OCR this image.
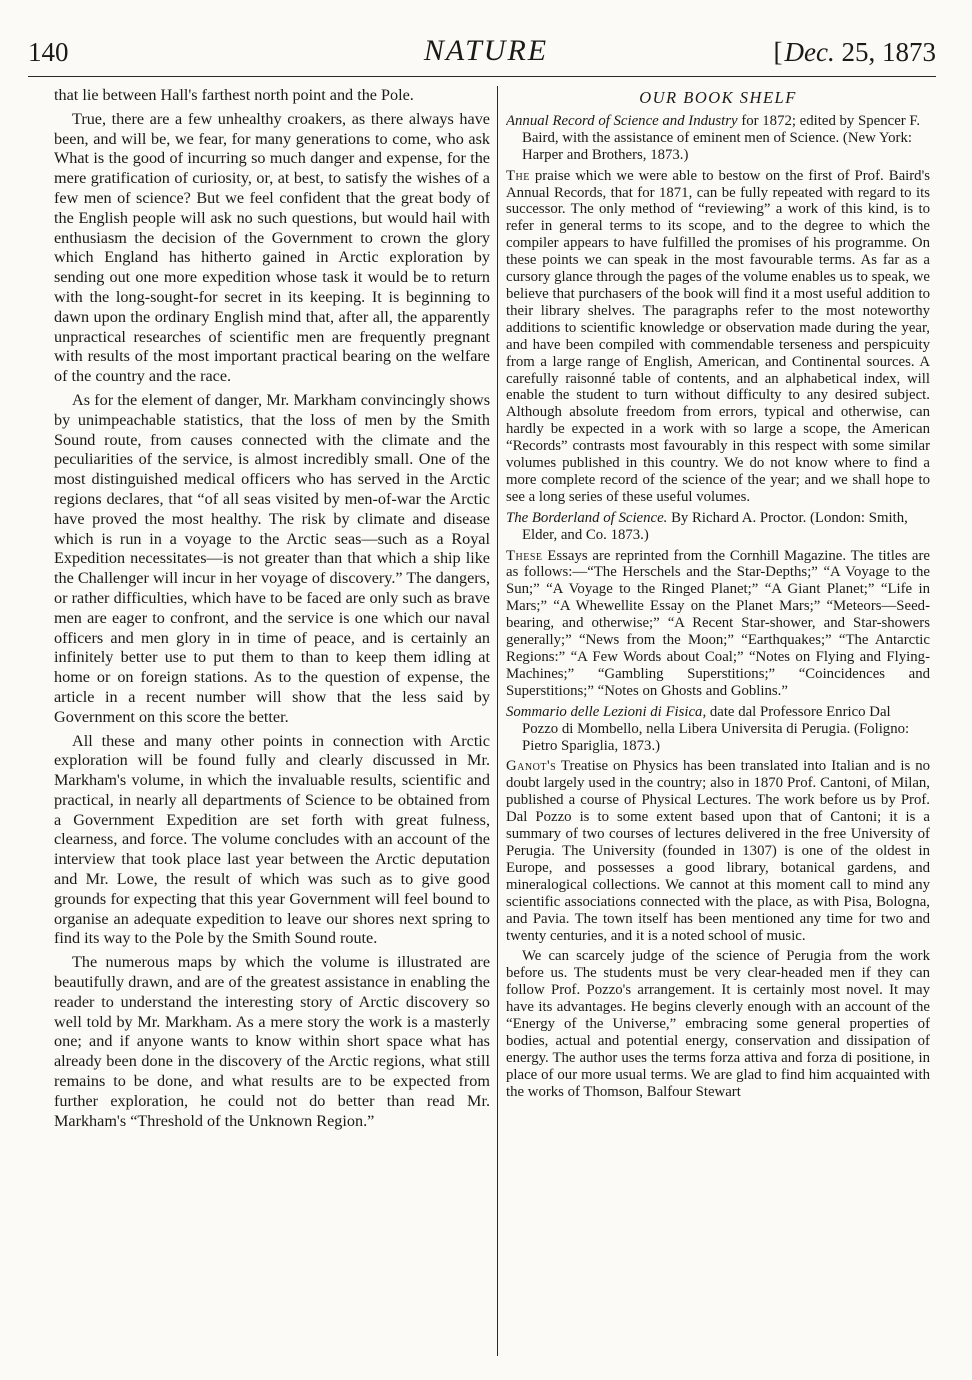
140	NATURE	[Dec. 25, 1873

that lie between Hall's farthest north point and the Pole.

True, there are a few unhealthy croakers, as there always have been, and will be, we fear, for many generations to come, who ask What is the good of incurring so much danger and expense, for the mere gratification of curiosity, or, at best, to satisfy the wishes of a few men of science? But we feel confident that the great body of the English people will ask no such questions, but would hail with enthusiasm the decision of the Government to crown the glory which England has hitherto gained in Arctic exploration by sending out one more expedition whose task it would be to return with the long-sought-for secret in its keeping. It is beginning to dawn upon the ordinary English mind that, after all, the apparently unpractical researches of scientific men are frequently pregnant with results of the most important practical bearing on the welfare of the country and the race.

As for the element of danger, Mr. Markham convincingly shows by unimpeachable statistics, that the loss of men by the Smith Sound route, from causes connected with the climate and the peculiarities of the service, is almost incredibly small. One of the most distinguished medical officers who has served in the Arctic regions declares, that “of all seas visited by men-of-war the Arctic have proved the most healthy. The risk by climate and disease which is run in a voyage to the Arctic seas—such as a Royal Expedition necessitates—is not greater than that which a ship like the Challenger will incur in her voyage of discovery.” The dangers, or rather difficulties, which have to be faced are only such as brave men are eager to confront, and the service is one which our naval officers and men glory in in time of peace, and is certainly an infinitely better use to put them to than to keep them idling at home or on foreign stations. As to the question of expense, the article in a recent number will show that the less said by Government on this score the better.

All these and many other points in connection with Arctic exploration will be found fully and clearly discussed in Mr. Markham's volume, in which the invaluable results, scientific and practical, in nearly all departments of Science to be obtained from a Government Expedition are set forth with great fulness, clearness, and force. The volume concludes with an account of the interview that took place last year between the Arctic deputation and Mr. Lowe, the result of which was such as to give good grounds for expecting that this year Government will feel bound to organise an adequate expedition to leave our shores next spring to find its way to the Pole by the Smith Sound route.

The numerous maps by which the volume is illustrated are beautifully drawn, and are of the greatest assistance in enabling the reader to understand the interesting story of Arctic discovery so well told by Mr. Markham. As a mere story the work is a masterly one; and if anyone wants to know within short space what has already been done in the discovery of the Arctic regions, what still remains to be done, and what results are to be expected from further exploration, he could not do better than read Mr. Markham's “Threshold of the Unknown Region.”

OUR BOOK SHELF

Annual Record of Science and Industry for 1872; edited by Spencer F. Baird, with the assistance of eminent men of Science. (New York: Harper and Brothers, 1873.)

The praise which we were able to bestow on the first of Prof. Baird's Annual Records, that for 1871, can be fully repeated with regard to its successor. The only method of “reviewing” a work of this kind, is to refer in general terms to its scope, and to the degree to which the compiler appears to have fulfilled the promises of his programme. On these points we can speak in the most favourable terms. As far as a cursory glance through the pages of the volume enables us to speak, we believe that purchasers of the book will find it a most useful addition to their library shelves. The paragraphs refer to the most noteworthy additions to scientific knowledge or observation made during the year, and have been compiled with commendable terseness and perspicuity from a large range of English, American, and Continental sources. A carefully raisonné table of contents, and an alphabetical index, will enable the student to turn without difficulty to any desired subject. Although absolute freedom from errors, typical and otherwise, can hardly be expected in a work with so large a scope, the American “Records” contrasts most favourably in this respect with some similar volumes published in this country. We do not know where to find a more complete record of the science of the year; and we shall hope to see a long series of these useful volumes.

The Borderland of Science. By Richard A. Proctor. (London: Smith, Elder, and Co. 1873.)

These Essays are reprinted from the Cornhill Magazine. The titles are as follows:—“The Herschels and the Star-Depths;” “A Voyage to the Sun;” “A Voyage to the Ringed Planet;” “A Giant Planet;” “Life in Mars;” “A Whewellite Essay on the Planet Mars;” “Meteors—Seed-bearing, and otherwise;” “A Recent Star-shower, and Star-showers generally;” “News from the Moon;” “Earthquakes;” “The Antarctic Regions:” “A Few Words about Coal;” “Notes on Flying and Flying-Machines;” “Gambling Superstitions;” “Coincidences and Superstitions;” “Notes on Ghosts and Goblins.”

Sommario delle Lezioni di Fisica, date dal Professore Enrico Dal Pozzo di Mombello, nella Libera Universita di Perugia. (Foligno: Pietro Spariglia, 1873.)

Ganot's Treatise on Physics has been translated into Italian and is no doubt largely used in the country; also in 1870 Prof. Cantoni, of Milan, published a course of Physical Lectures. The work before us by Prof. Dal Pozzo is to some extent based upon that of Cantoni; it is a summary of two courses of lectures delivered in the free University of Perugia. The University (founded in 1307) is one of the oldest in Europe, and possesses a good library, botanical gardens, and mineralogical collections. We cannot at this moment call to mind any scientific associations connected with the place, as with Pisa, Bologna, and Pavia. The town itself has been mentioned any time for two and twenty centuries, and it is a noted school of music.

We can scarcely judge of the science of Perugia from the work before us. The students must be very clear-headed men if they can follow Prof. Pozzo's arrangement. It is certainly most novel. It may have its advantages. He begins cleverly enough with an account of the “Energy of the Universe,” embracing some general properties of bodies, actual and potential energy, conservation and dissipation of energy. The author uses the terms forza attiva and forza di positione, in place of our more usual terms. We are glad to find him acquainted with the works of Thomson, Balfour Stewart
